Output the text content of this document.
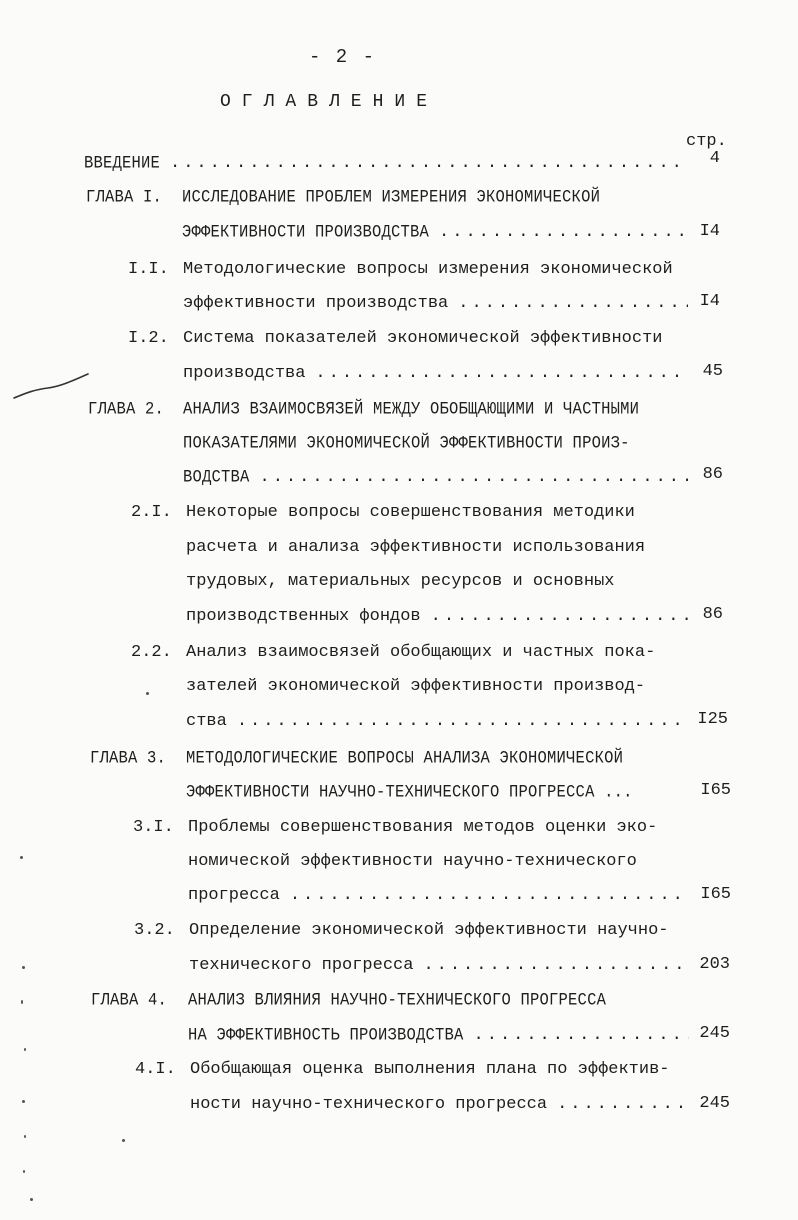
- 2 -
ОГЛАВЛЕНИЕ
стр.
ВВЕДЕНИЕ .....	4
ГЛАВА I. ИССЛЕДОВАНИЕ ПРОБЛЕМ ИЗМЕРЕНИЯ ЭКОНОМИЧЕСКОЙ
ЭФФЕКТИВНОСТИ ПРОИЗВОДСТВА .....	I4
I.I. Методологические вопросы измерения экономической
эффективности производства .....	I4
I.2. Система показателей экономической эффективности
производства .....	45
ГЛАВА 2. АНАЛИЗ ВЗАИМОСВЯЗЕЙ МЕЖДУ ОБОБЩАЮЩИМИ И ЧАСТНЫМИ
ПОКАЗАТЕЛЯМИ ЭКОНОМИЧЕСКОЙ ЭФФЕКТИВНОСТИ ПРОИЗ-
ВОДСТВА .....	86
2.I. Некоторые вопросы совершенствования методики
расчета и анализа эффективности использования
трудовых, материальных ресурсов и основных
производственных фондов .....	86
2.2. Анализ взаимосвязей обобщающих и частных пока-
зателей экономической эффективности производ-
ства .....	I25
ГЛАВА 3. МЕТОДОЛОГИЧЕСКИЕ ВОПРОСЫ АНАЛИЗА ЭКОНОМИЧЕСКОЙ
ЭФФЕКТИВНОСТИ НАУЧНО-ТЕХНИЧЕСКОГО ПРОГРЕССА ...	I65
3.I. Проблемы совершенствования методов оценки эко-
номической эффективности научно-технического
прогресса .....	I65
3.2. Определение экономической эффективности научно-
технического прогресса .....	203
ГЛАВА 4. АНАЛИЗ ВЛИЯНИЯ НАУЧНО-ТЕХНИЧЕСКОГО ПРОГРЕССА
НА ЭФФЕКТИВНОСТЬ ПРОИЗВОДСТВА .....	245
4.I. Обобщающая оценка выполнения плана по эффектив-
ности научно-технического прогресса .....	245
